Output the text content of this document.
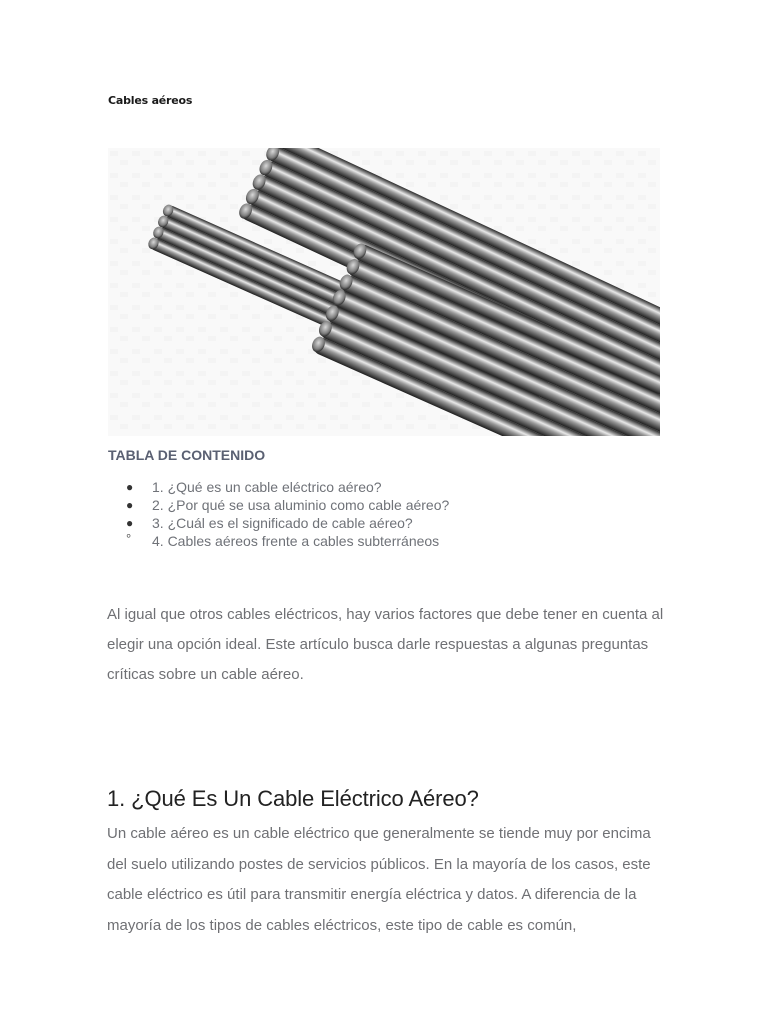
Cables aéreos
TABLA DE CONTENIDO
●	1. ¿Qué es un cable eléctrico aéreo?
●	2. ¿Por qué se usa aluminio como cable aéreo?
●	3. ¿Cuál es el significado de cable aéreo?
°	4. Cables aéreos frente a cables subterráneos

Al igual que otros cables eléctricos, hay varios factores que debe tener en cuenta al elegir una opción ideal. Este artículo busca darle respuestas a algunas preguntas críticas sobre un cable aéreo.

1. ¿Qué Es Un Cable Eléctrico Aéreo?

Un cable aéreo es un cable eléctrico que generalmente se tiende muy por encima del suelo utilizando postes de servicios públicos. En la mayoría de los casos, este cable eléctrico es útil para transmitir energía eléctrica y datos. A diferencia de la mayoría de los tipos de cables eléctricos, este tipo de cable es común,
